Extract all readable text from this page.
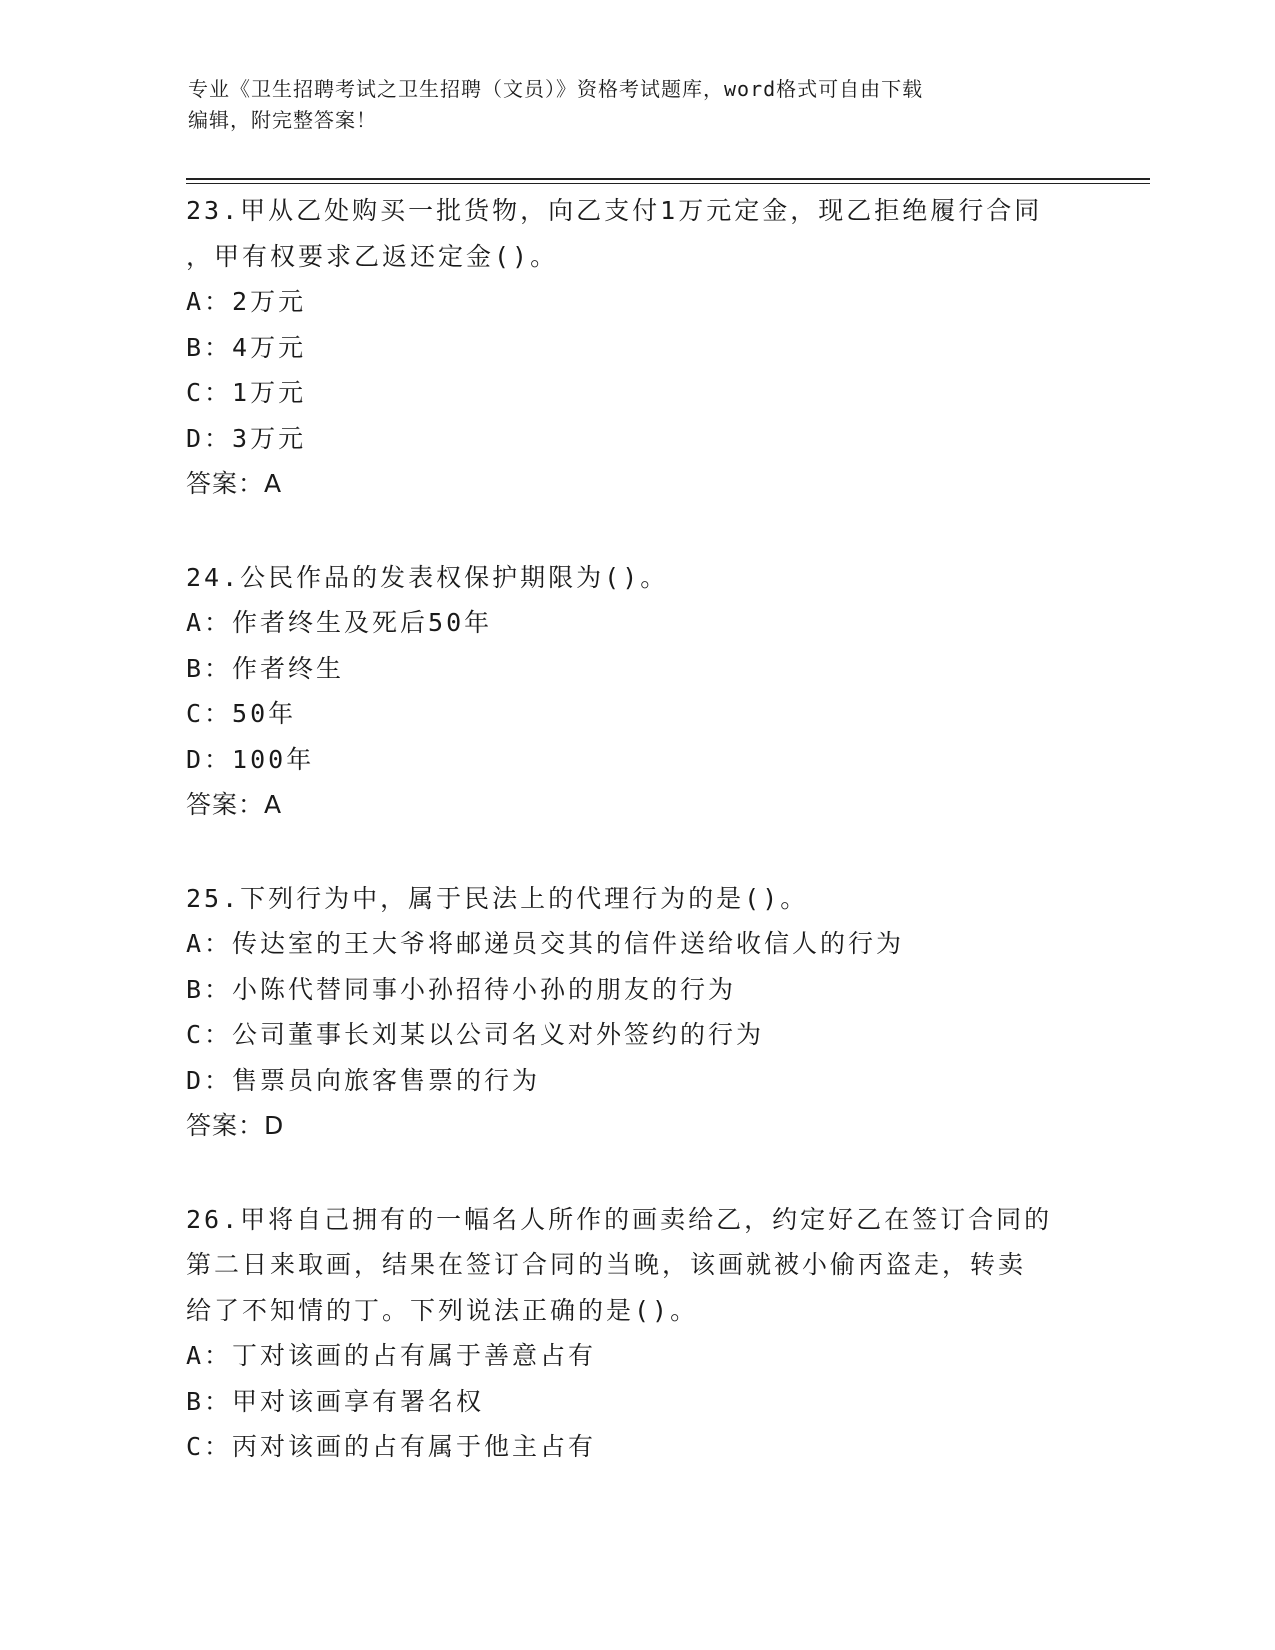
专业《卫生招聘考试之卫生招聘（文员）》资格考试题库，word格式可自由下载
编辑，附完整答案！
23.甲从乙处购买一批货物，向乙支付1万元定金，现乙拒绝履行合同
，甲有权要求乙返还定金()。
A：2万元
B：4万元
C：1万元
D：3万元
答案：A
24.公民作品的发表权保护期限为()。
A：作者终生及死后50年
B：作者终生
C：50年
D：100年
答案：A
25.下列行为中，属于民法上的代理行为的是()。
A：传达室的王大爷将邮递员交其的信件送给收信人的行为
B：小陈代替同事小孙招待小孙的朋友的行为
C：公司董事长刘某以公司名义对外签约的行为
D：售票员向旅客售票的行为
答案：D
26.甲将自己拥有的一幅名人所作的画卖给乙，约定好乙在签订合同的
第二日来取画，结果在签订合同的当晚，该画就被小偷丙盗走，转卖
给了不知情的丁。下列说法正确的是()。
A：丁对该画的占有属于善意占有
B：甲对该画享有署名权
C：丙对该画的占有属于他主占有
